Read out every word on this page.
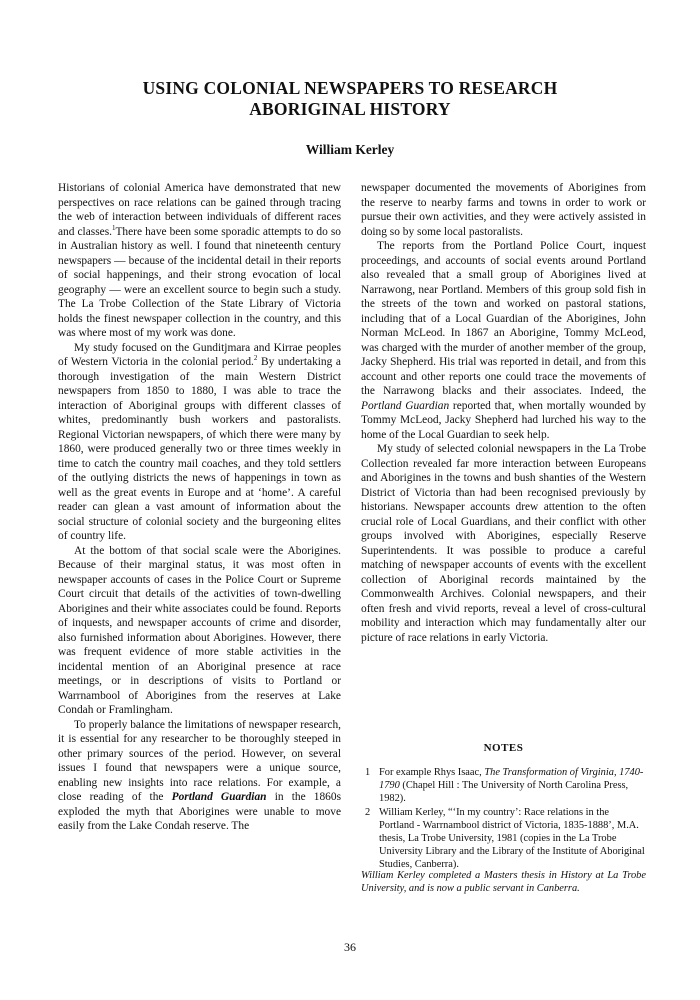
USING COLONIAL NEWSPAPERS TO RESEARCH
ABORIGINAL HISTORY

William Kerley

Historians of colonial America have demonstrated that new perspectives on race relations can be gained through tracing the web of interaction between individuals of different races and classes.$^1$There have been some sporadic attempts to do so in Australian history as well. I found that nineteenth century newspapers — because of the incidental detail in their reports of social happenings, and their strong evocation of local geography — were an excellent source to begin such a study. The La Trobe Collection of the State Library of Victoria holds the finest newspaper collection in the country, and this was where most of my work was done.

My study focused on the Gunditjmara and Kirrae peoples of Western Victoria in the colonial period.$^2$ By undertaking a thorough investigation of the main Western District newspapers from 1850 to 1880, I was able to trace the interaction of Aboriginal groups with different classes of whites, predominantly bush workers and pastoralists. Regional Victorian newspapers, of which there were many by 1860, were produced generally two or three times weekly in time to catch the country mail coaches, and they told settlers of the outlying districts the news of happenings in town as well as the great events in Europe and at ‘home’. A careful reader can glean a vast amount of information about the social structure of colonial society and the burgeoning elites of country life.

At the bottom of that social scale were the Aborigines. Because of their marginal status, it was most often in newspaper accounts of cases in the Police Court or Supreme Court circuit that details of the activities of town-dwelling Aborigines and their white associates could be found. Reports of inquests, and newspaper accounts of crime and disorder, also furnished information about Aborigines. However, there was frequent evidence of more stable activities in the incidental mention of an Aboriginal presence at race meetings, or in descriptions of visits to Portland or Warrnambool of Aborigines from the reserves at Lake Condah or Framlingham.

To properly balance the limitations of newspaper research, it is essential for any researcher to be thoroughly steeped in other primary sources of the period. However, on several issues I found that newspapers were a unique source, enabling new insights into race relations. For example, a close reading of the Portland Guardian in the 1860s exploded the myth that Aborigines were unable to move easily from the Lake Condah reserve. The

newspaper documented the movements of Aborigines from the reserve to nearby farms and towns in order to work or pursue their own activities, and they were actively assisted in doing so by some local pastoralists.

The reports from the Portland Police Court, inquest proceedings, and accounts of social events around Portland also revealed that a small group of Aborigines lived at Narrawong, near Portland. Members of this group sold fish in the streets of the town and worked on pastoral stations, including that of a Local Guardian of the Aborigines, John Norman McLeod. In 1867 an Aborigine, Tommy McLeod, was charged with the murder of another member of the group, Jacky Shepherd. His trial was reported in detail, and from this account and other reports one could trace the movements of the Narrawong blacks and their associates. Indeed, the Portland Guardian reported that, when mortally wounded by Tommy McLeod, Jacky Shepherd had lurched his way to the home of the Local Guardian to seek help.

My study of selected colonial newspapers in the La Trobe Collection revealed far more interaction between Europeans and Aborigines in the towns and bush shanties of the Western District of Victoria than had been recognised previously by historians. Newspaper accounts drew attention to the often crucial role of Local Guardians, and their conflict with other groups involved with Aborigines, especially Reserve Superintendents. It was possible to produce a careful matching of newspaper accounts of events with the excellent collection of Aboriginal records maintained by the Commonwealth Archives. Colonial newspapers, and their often fresh and vivid reports, reveal a level of cross-cultural mobility and interaction which may fundamentally alter our picture of race relations in early Victoria.

NOTES
1 For example Rhys Isaac, The Transformation of Virginia, 1740-1790 (Chapel Hill : The University of North Carolina Press, 1982).
2 William Kerley, “‘In my country’: Race relations in the Portland - Warrnambool district of Victoria, 1835-1888’, M.A. thesis, La Trobe University, 1981 (copies in the La Trobe University Library and the Library of the Institute of Aboriginal Studies, Canberra).

William Kerley completed a Masters thesis in History at La Trobe University, and is now a public servant in Canberra.

36
